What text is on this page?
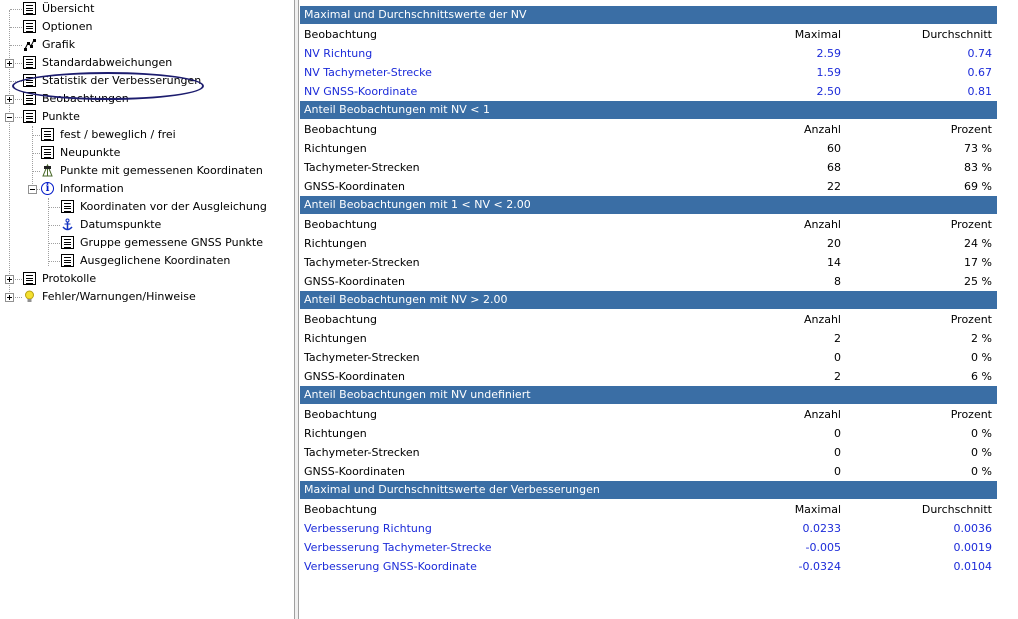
Übersicht
Optionen
Grafik
Standardabweichungen
Statistik der Verbesserungen
Beobachtungen
Punkte
fest / beweglich / frei
Neupunkte
Punkte mit gemessenen Koordinaten
i Information
Koordinaten vor der Ausgleichung
Datumspunkte
Gruppe gemessene GNSS Punkte
Ausgeglichene Koordinaten
Protokolle
Fehler/Warnungen/Hinweise
Maximal und Durchschnittswerte der NV
Beobachtung	Maximal	Durchschnitt
NV Richtung	2.59	0.74
NV Tachymeter-Strecke	1.59	0.67
NV GNSS-Koordinate	2.50	0.81
Anteil Beobachtungen mit NV < 1
Beobachtung	Anzahl	Prozent
Richtungen	60	73 %
Tachymeter-Strecken	68	83 %
GNSS-Koordinaten	22	69 %
Anteil Beobachtungen mit 1 < NV < 2.00
Beobachtung	Anzahl	Prozent
Richtungen	20	24 %
Tachymeter-Strecken	14	17 %
GNSS-Koordinaten	8	25 %
Anteil Beobachtungen mit NV > 2.00
Beobachtung	Anzahl	Prozent
Richtungen	2	2 %
Tachymeter-Strecken	0	0 %
GNSS-Koordinaten	2	6 %
Anteil Beobachtungen mit NV undefiniert
Beobachtung	Anzahl	Prozent
Richtungen	0	0 %
Tachymeter-Strecken	0	0 %
GNSS-Koordinaten	0	0 %
Maximal und Durchschnittswerte der Verbesserungen
Beobachtung	Maximal	Durchschnitt
Verbesserung Richtung	0.0233	0.0036
Verbesserung Tachymeter-Strecke	-0.005	0.0019
Verbesserung GNSS-Koordinate	-0.0324	0.0104
